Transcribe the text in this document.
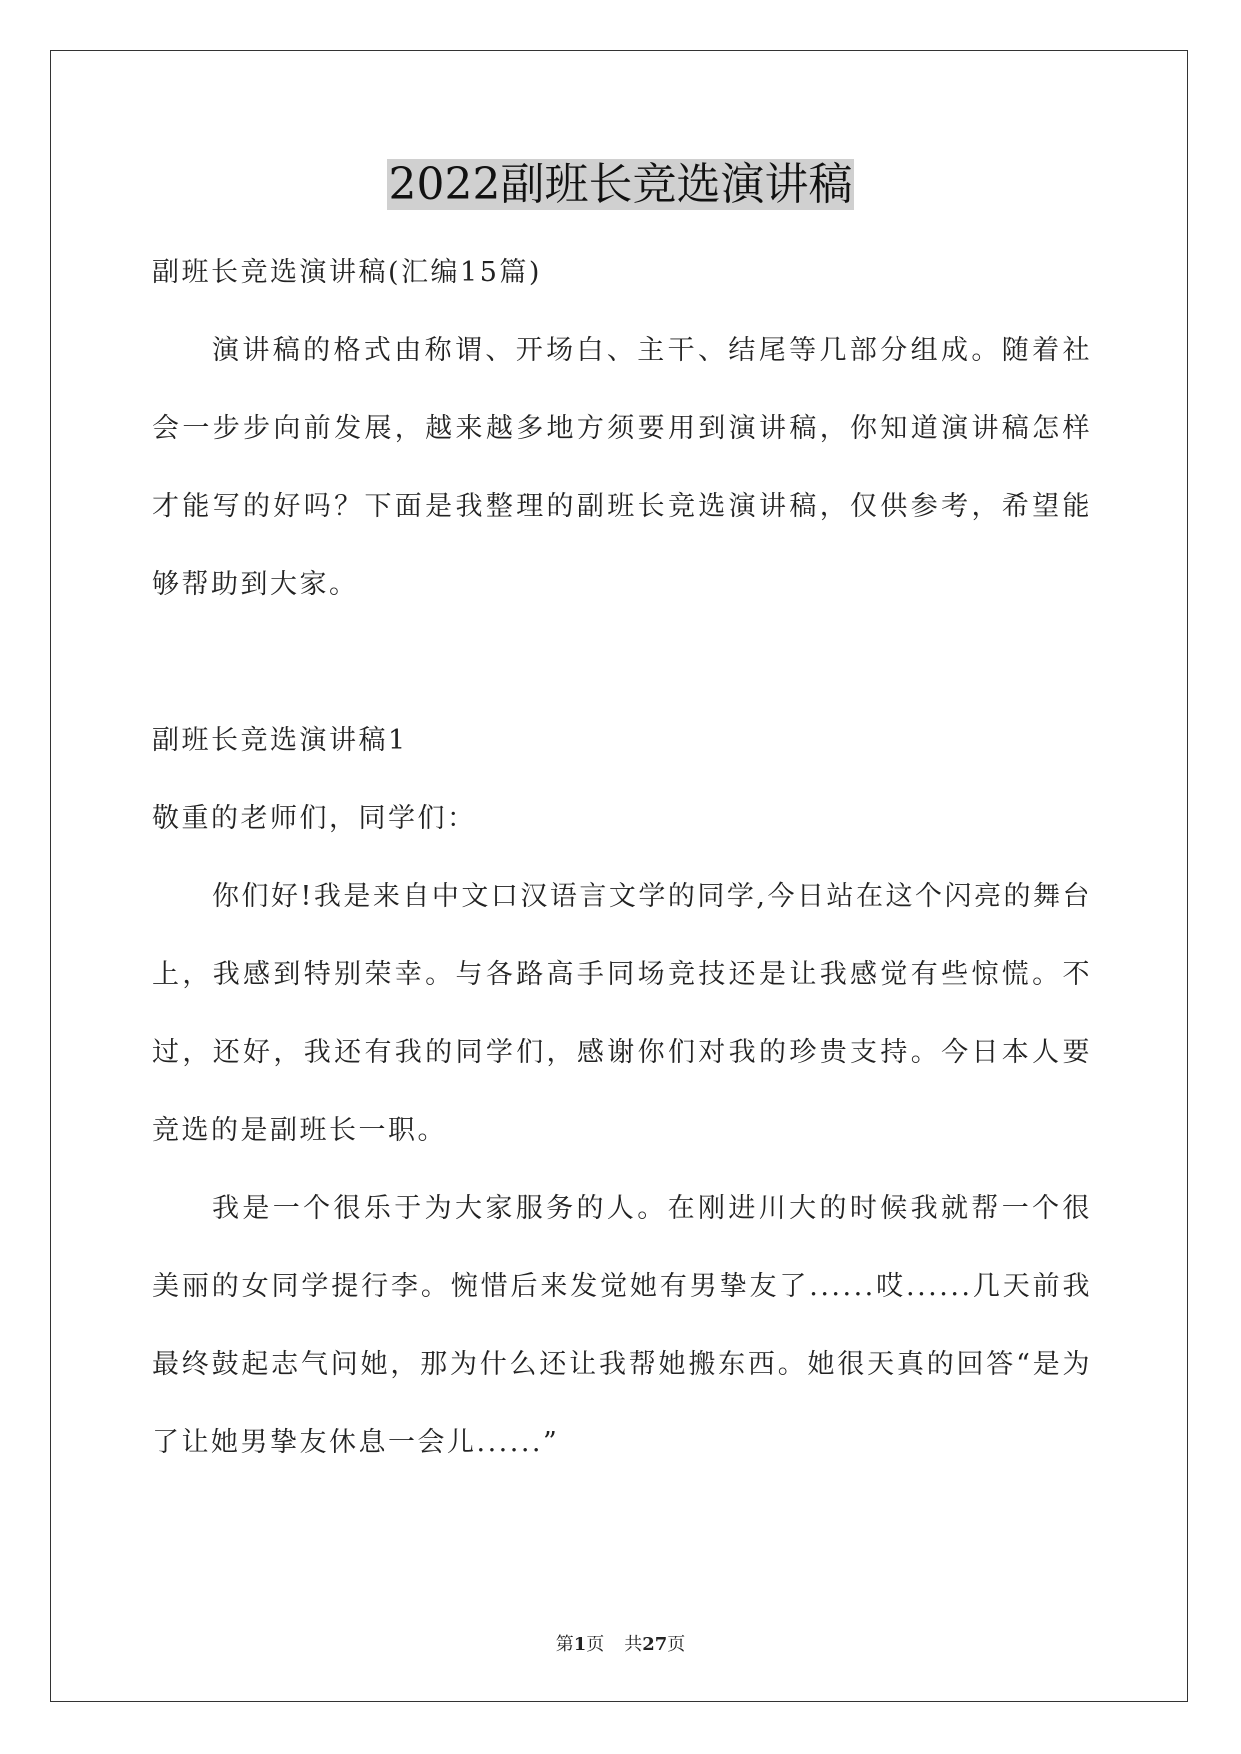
2022副班长竞选演讲稿

副班长竞选演讲稿(汇编15篇)

演讲稿的格式由称谓、开场白、主干、结尾等几部分组成。随着社会一步步向前发展，越来越多地方须要用到演讲稿，你知道演讲稿怎样才能写的好吗？下面是我整理的副班长竞选演讲稿，仅供参考，希望能够帮助到大家。

副班长竞选演讲稿1

敬重的老师们，同学们：

你们好!我是来自中文口汉语言文学的同学,今日站在这个闪亮的舞台上，我感到特别荣幸。与各路高手同场竞技还是让我感觉有些惊慌。不过，还好，我还有我的同学们，感谢你们对我的珍贵支持。今日本人要竞选的是副班长一职。

我是一个很乐于为大家服务的人。在刚进川大的时候我就帮一个很美丽的女同学提行李。惋惜后来发觉她有男挚友了......哎......几天前我最终鼓起志气问她，那为什么还让我帮她搬东西。她很天真的回答“是为了让她男挚友休息一会儿......”

第1页 共27页
